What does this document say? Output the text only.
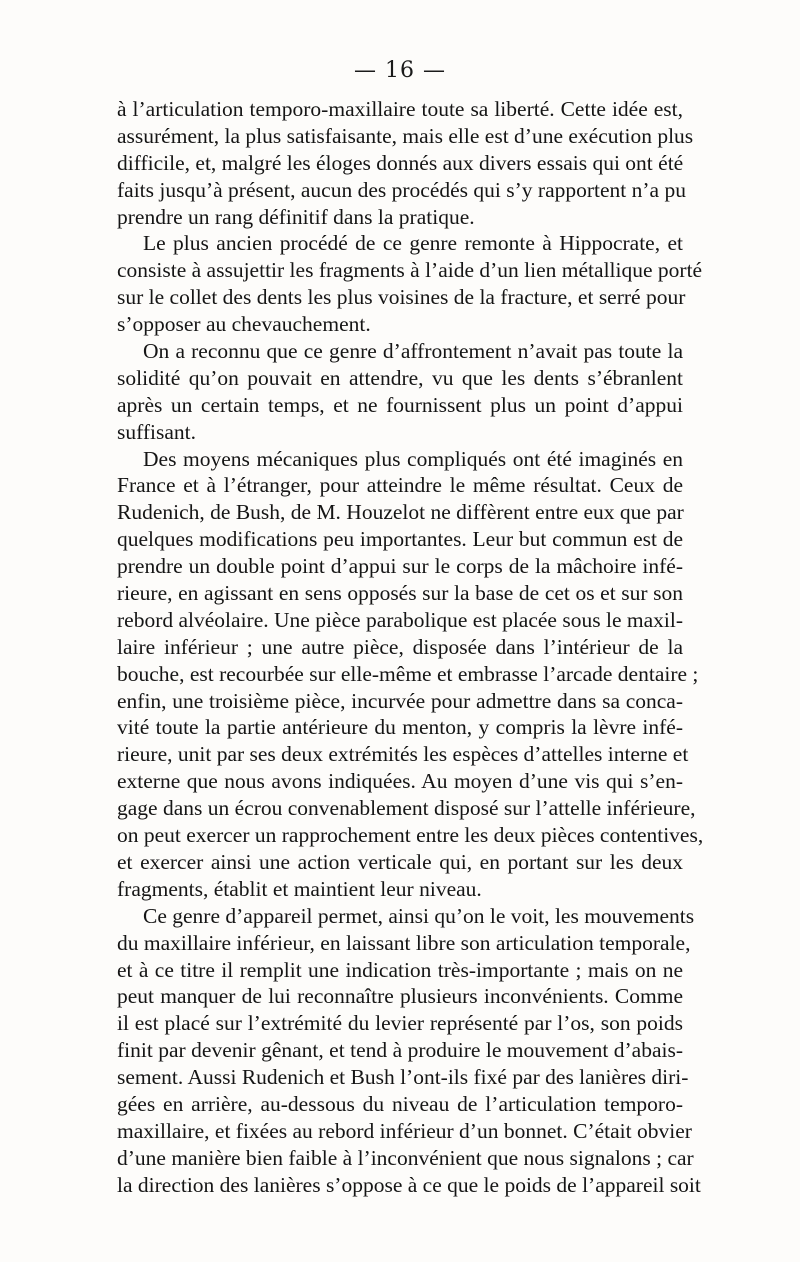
— 16 —
à l’articulation temporo-maxillaire toute sa liberté. Cette idée est,
assurément, la plus satisfaisante, mais elle est d’une exécution plus
difficile, et, malgré les éloges donnés aux divers essais qui ont été
faits jusqu’à présent, aucun des procédés qui s’y rapportent n’a pu
prendre un rang définitif dans la pratique.
Le plus ancien procédé de ce genre remonte à Hippocrate, et
consiste à assujettir les fragments à l’aide d’un lien métallique porté
sur le collet des dents les plus voisines de la fracture, et serré pour
s’opposer au chevauchement.
On a reconnu que ce genre d’affrontement n’avait pas toute la
solidité qu’on pouvait en attendre, vu que les dents s’ébranlent
après un certain temps, et ne fournissent plus un point d’appui
suffisant.
Des moyens mécaniques plus compliqués ont été imaginés en
France et à l’étranger, pour atteindre le même résultat. Ceux de
Rudenich, de Bush, de M. Houzelot ne diffèrent entre eux que par
quelques modifications peu importantes. Leur but commun est de
prendre un double point d’appui sur le corps de la mâchoire infé-
rieure, en agissant en sens opposés sur la base de cet os et sur son
rebord alvéolaire. Une pièce parabolique est placée sous le maxil-
laire inférieur ; une autre pièce, disposée dans l’intérieur de la
bouche, est recourbée sur elle-même et embrasse l’arcade dentaire ;
enfin, une troisième pièce, incurvée pour admettre dans sa conca-
vité toute la partie antérieure du menton, y compris la lèvre infé-
rieure, unit par ses deux extrémités les espèces d’attelles interne et
externe que nous avons indiquées. Au moyen d’une vis qui s’en-
gage dans un écrou convenablement disposé sur l’attelle inférieure,
on peut exercer un rapprochement entre les deux pièces contentives,
et exercer ainsi une action verticale qui, en portant sur les deux
fragments, établit et maintient leur niveau.
Ce genre d’appareil permet, ainsi qu’on le voit, les mouvements
du maxillaire inférieur, en laissant libre son articulation temporale,
et à ce titre il remplit une indication très-importante ; mais on ne
peut manquer de lui reconnaître plusieurs inconvénients. Comme
il est placé sur l’extrémité du levier représenté par l’os, son poids
finit par devenir gênant, et tend à produire le mouvement d’abais-
sement. Aussi Rudenich et Bush l’ont-ils fixé par des lanières diri-
gées en arrière, au-dessous du niveau de l’articulation temporo-
maxillaire, et fixées au rebord inférieur d’un bonnet. C’était obvier
d’une manière bien faible à l’inconvénient que nous signalons ; car
la direction des lanières s’oppose à ce que le poids de l’appareil soit
